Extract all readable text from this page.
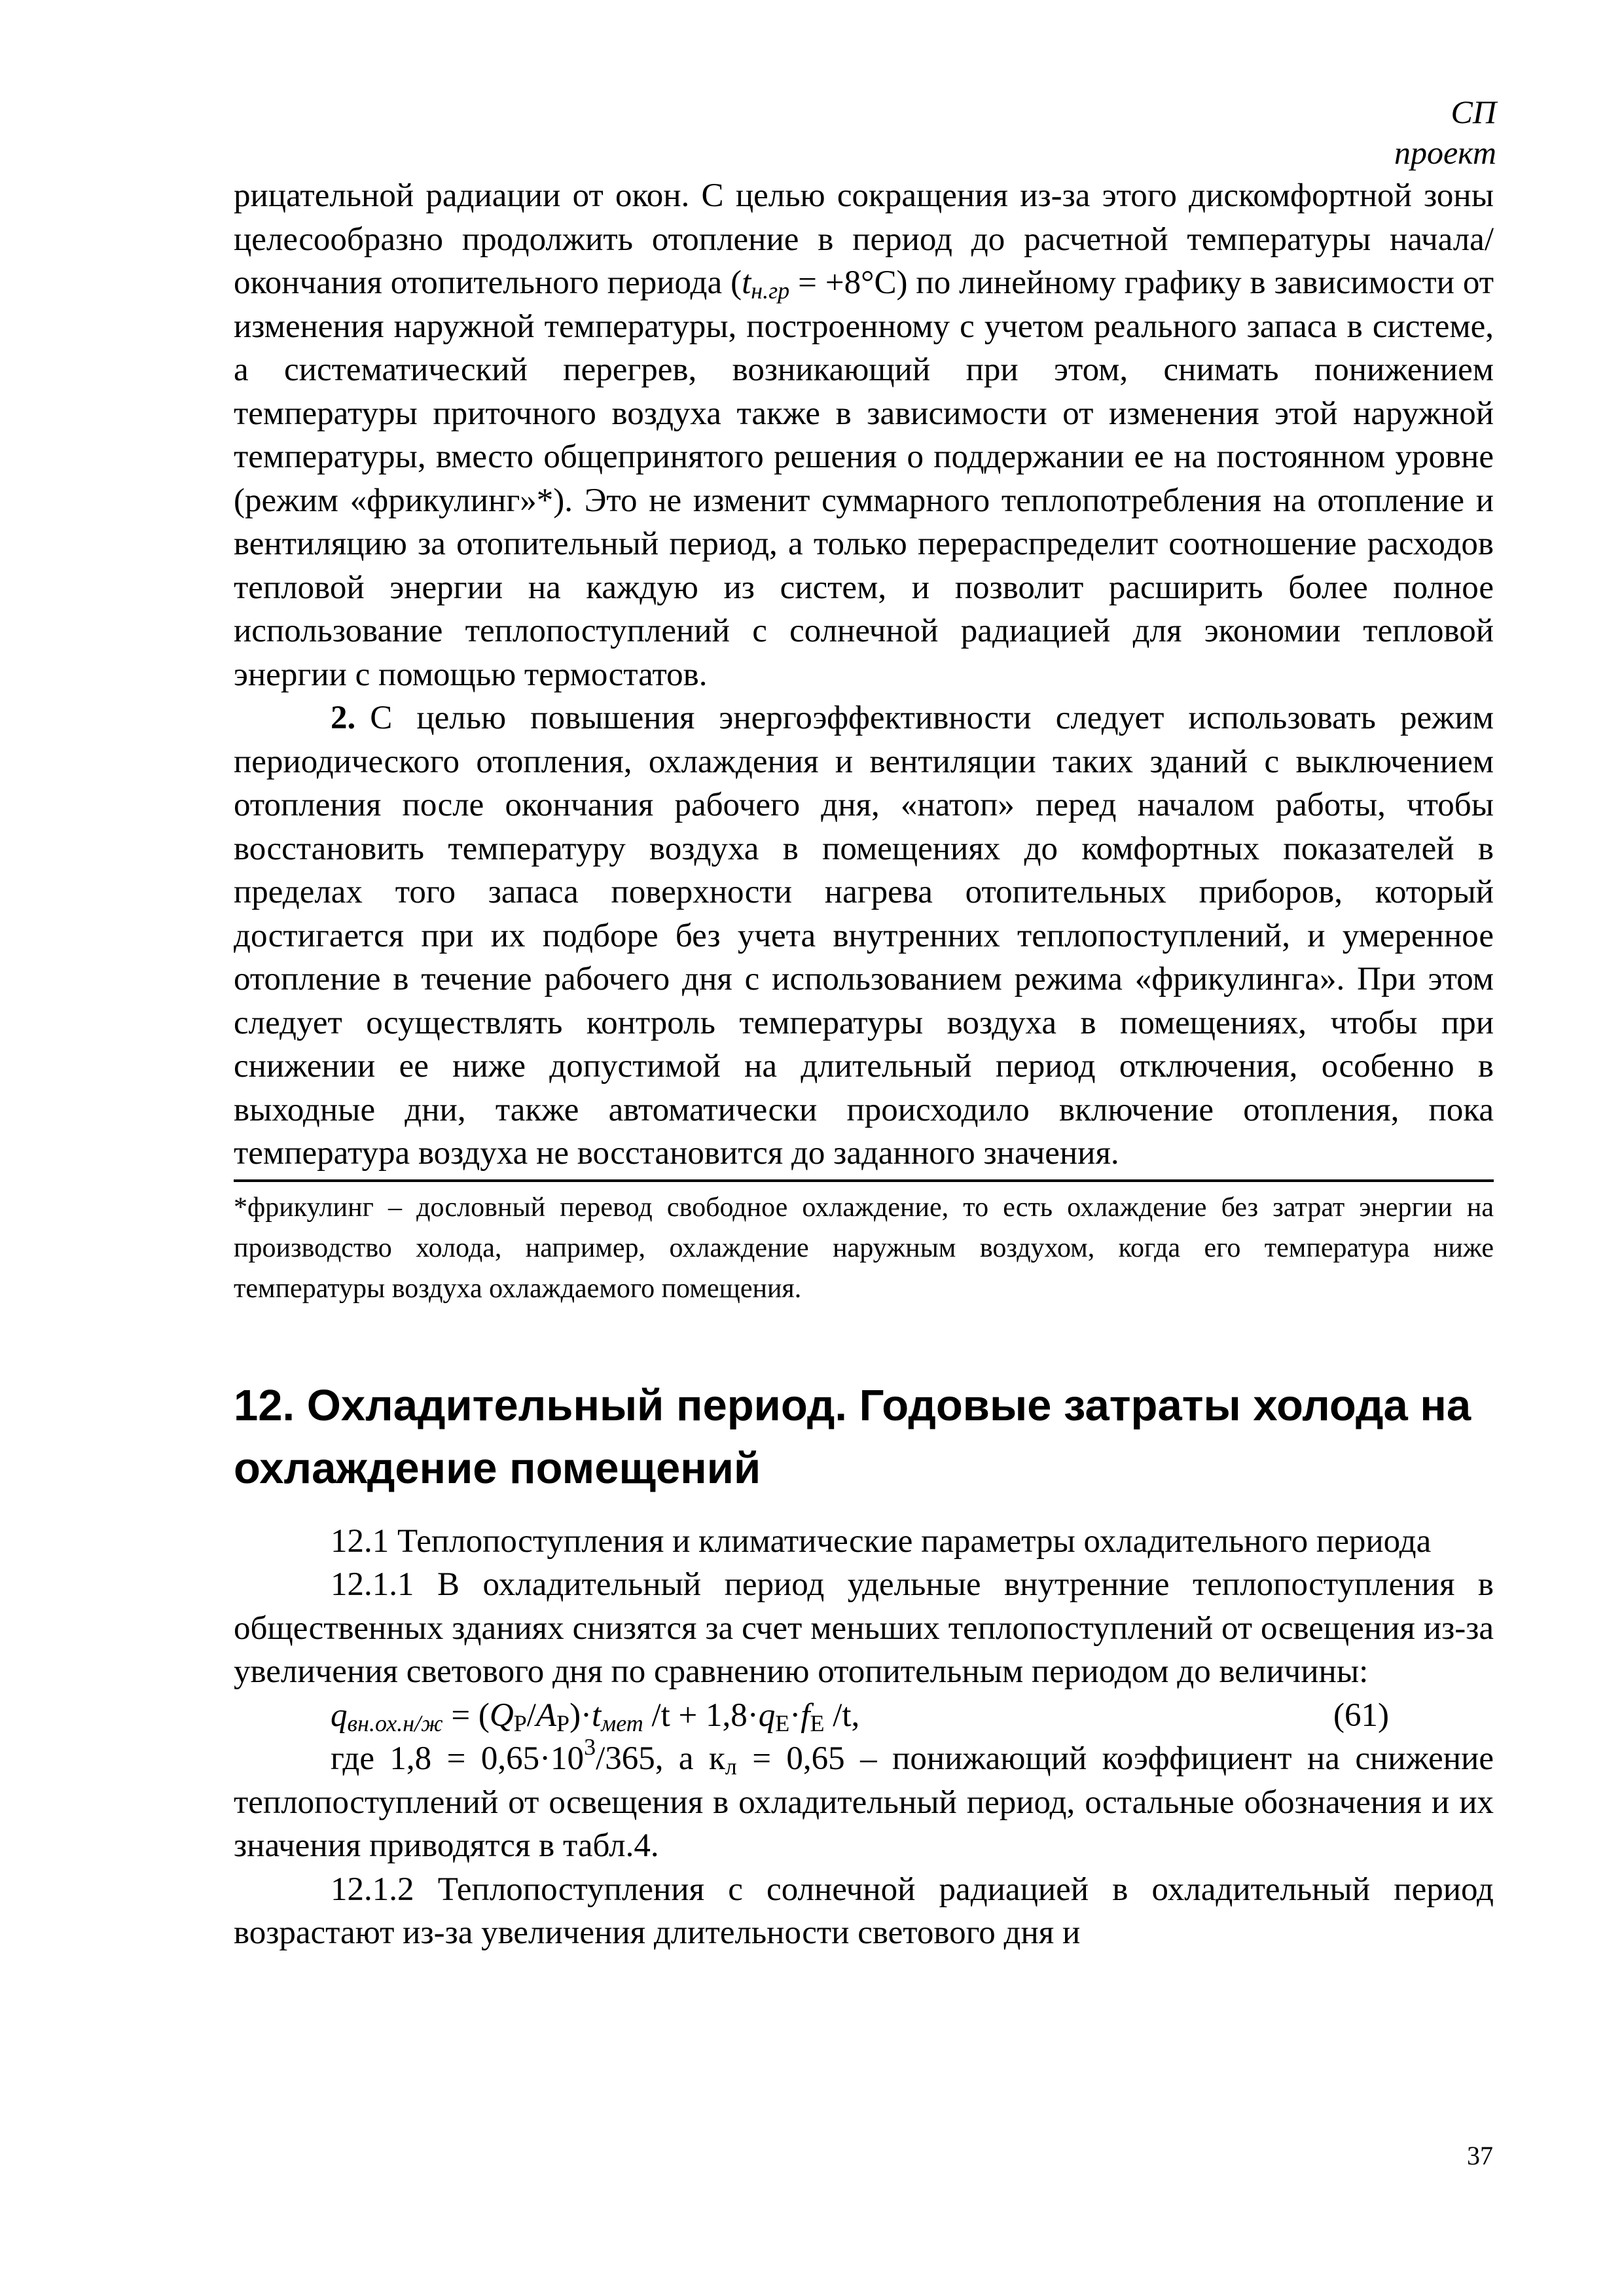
СП
проект

рицательной радиации от окон. С целью сокращения из-за этого дискомфортной зоны целесообразно продолжить отопление в период до расчетной температуры начала/окончания отопительного периода $(t_{н.гр} = +8^\circ С)$ по линейному графику в зависимости от изменения наружной температуры, построенному с учетом реального запаса в системе, а систематический перегрев, возникающий при этом, снимать понижением температуры приточного воздуха также в зависимости от изменения этой наружной температуры, вместо общепринятого решения о поддержании ее на постоянном уровне (режим «фрикулинг»*). Это не изменит суммарного теплопотребления на отопление и вентиляцию за отопительный период, а только перераспределит соотношение расходов тепловой энергии на каждую из систем, и позволит расширить более полное использование теплопоступлений с солнечной радиацией для экономии тепловой энергии с помощью термостатов.

2. С целью повышения энергоэффективности следует использовать режим периодического отопления, охлаждения и вентиляции таких зданий с выключением отопления после окончания рабочего дня, «натоп» перед началом работы, чтобы восстановить температуру воздуха в помещениях до комфортных показателей в пределах того запаса поверхности нагрева отопительных приборов, который достигается при их подборе без учета внутренних теплопоступлений, и умеренное отопление в течение рабочего дня с использованием режима «фрикулинга». При этом следует осуществлять контроль температуры воздуха в помещениях, чтобы при снижении ее ниже допустимой на длительный период отключения, особенно в выходные дни, также автоматически происходило включение отопления, пока температура воздуха не восстановится до заданного значения.

*фрикулинг – дословный перевод свободное охлаждение, то есть охлаждение без затрат энергии на производство холода, например, охлаждение наружным воздухом, когда его температура ниже температуры воздуха охлаждаемого помещения.

12. Охладительный период. Годовые затраты холода на охлаждение помещений

12.1 Теплопоступления и климатические параметры охладительного периода

12.1.1 В охладительный период удельные внутренние теплопоступления в общественных зданиях снизятся за счет меньших теплопоступлений от освещения из-за увеличения светового дня по сравнению отопительным периодом до величины:

$q_{вн.ох.н/ж} = (Q_Р/A_Р)\cdot t_{мет}$ $/t + 1,8\cdot q_Е\cdot f_Е$ /t,	(61)

где $1,8 = 0,65\cdot 10^3/365$, а $к_л = 0,65$ – понижающий коэффициент на снижение теплопоступлений от освещения в охладительный период, остальные обозначения и их значения приводятся в табл.4.

12.1.2 Теплопоступления с солнечной радиацией в охладительный период возрастают из-за увеличения длительности светового дня и

37
